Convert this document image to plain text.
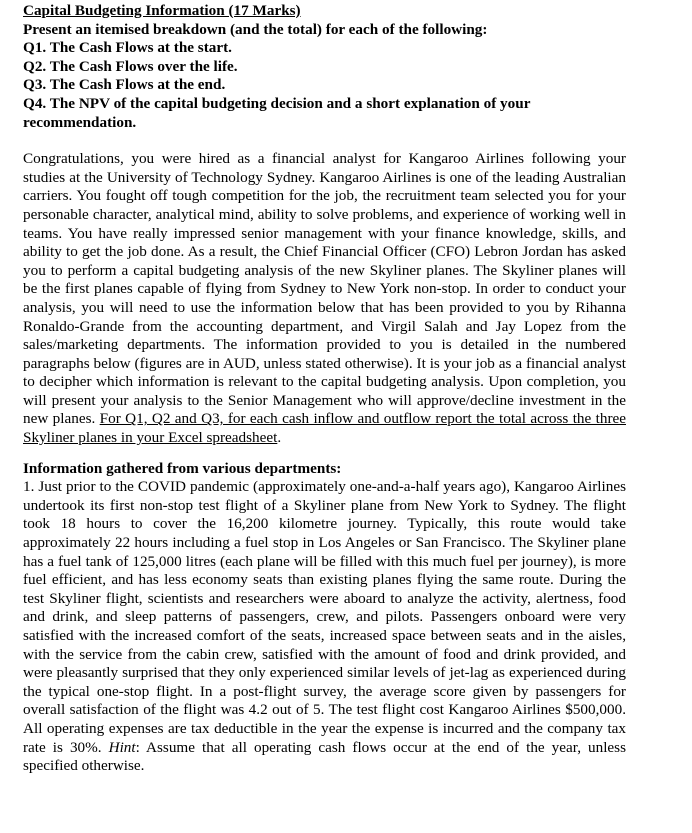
Capital Budgeting Information (17 Marks)

Present an itemised breakdown (and the total) for each of the following:

Q1. The Cash Flows at the start.
Q2. The Cash Flows over the life.
Q3. The Cash Flows at the end.
Q4. The NPV of the capital budgeting decision and a short explanation of your recommendation.

Congratulations, you were hired as a financial analyst for Kangaroo Airlines following your studies at the University of Technology Sydney. Kangaroo Airlines is one of the leading Australian carriers. You fought off tough competition for the job, the recruitment team selected you for your personable character, analytical mind, ability to solve problems, and experience of working well in teams. You have really impressed senior management with your finance knowledge, skills, and ability to get the job done. As a result, the Chief Financial Officer (CFO) Lebron Jordan has asked you to perform a capital budgeting analysis of the new Skyliner planes. The Skyliner planes will be the first planes capable of flying from Sydney to New York non-stop. In order to conduct your analysis, you will need to use the information below that has been provided to you by Rihanna Ronaldo-Grande from the accounting department, and Virgil Salah and Jay Lopez from the sales/marketing departments. The information provided to you is detailed in the numbered paragraphs below (figures are in AUD, unless stated otherwise). It is your job as a financial analyst to decipher which information is relevant to the capital budgeting analysis. Upon completion, you will present your analysis to the Senior Management who will approve/decline investment in the new planes. For Q1, Q2 and Q3, for each cash inflow and outflow report the total across the three Skyliner planes in your Excel spreadsheet.

Information gathered from various departments:

1. Just prior to the COVID pandemic (approximately one-and-a-half years ago), Kangaroo Airlines undertook its first non-stop test flight of a Skyliner plane from New York to Sydney. The flight took 18 hours to cover the 16,200 kilometre journey. Typically, this route would take approximately 22 hours including a fuel stop in Los Angeles or San Francisco. The Skyliner plane has a fuel tank of 125,000 litres (each plane will be filled with this much fuel per journey), is more fuel efficient, and has less economy seats than existing planes flying the same route. During the test Skyliner flight, scientists and researchers were aboard to analyze the activity, alertness, food and drink, and sleep patterns of passengers, crew, and pilots. Passengers onboard were very satisfied with the increased comfort of the seats, increased space between seats and in the aisles, with the service from the cabin crew, satisfied with the amount of food and drink provided, and were pleasantly surprised that they only experienced similar levels of jet-lag as experienced during the typical one-stop flight. In a post-flight survey, the average score given by passengers for overall satisfaction of the flight was 4.2 out of 5. The test flight cost Kangaroo Airlines $500,000. All operating expenses are tax deductible in the year the expense is incurred and the company tax rate is 30%. Hint: Assume that all operating cash flows occur at the end of the year, unless specified otherwise.
